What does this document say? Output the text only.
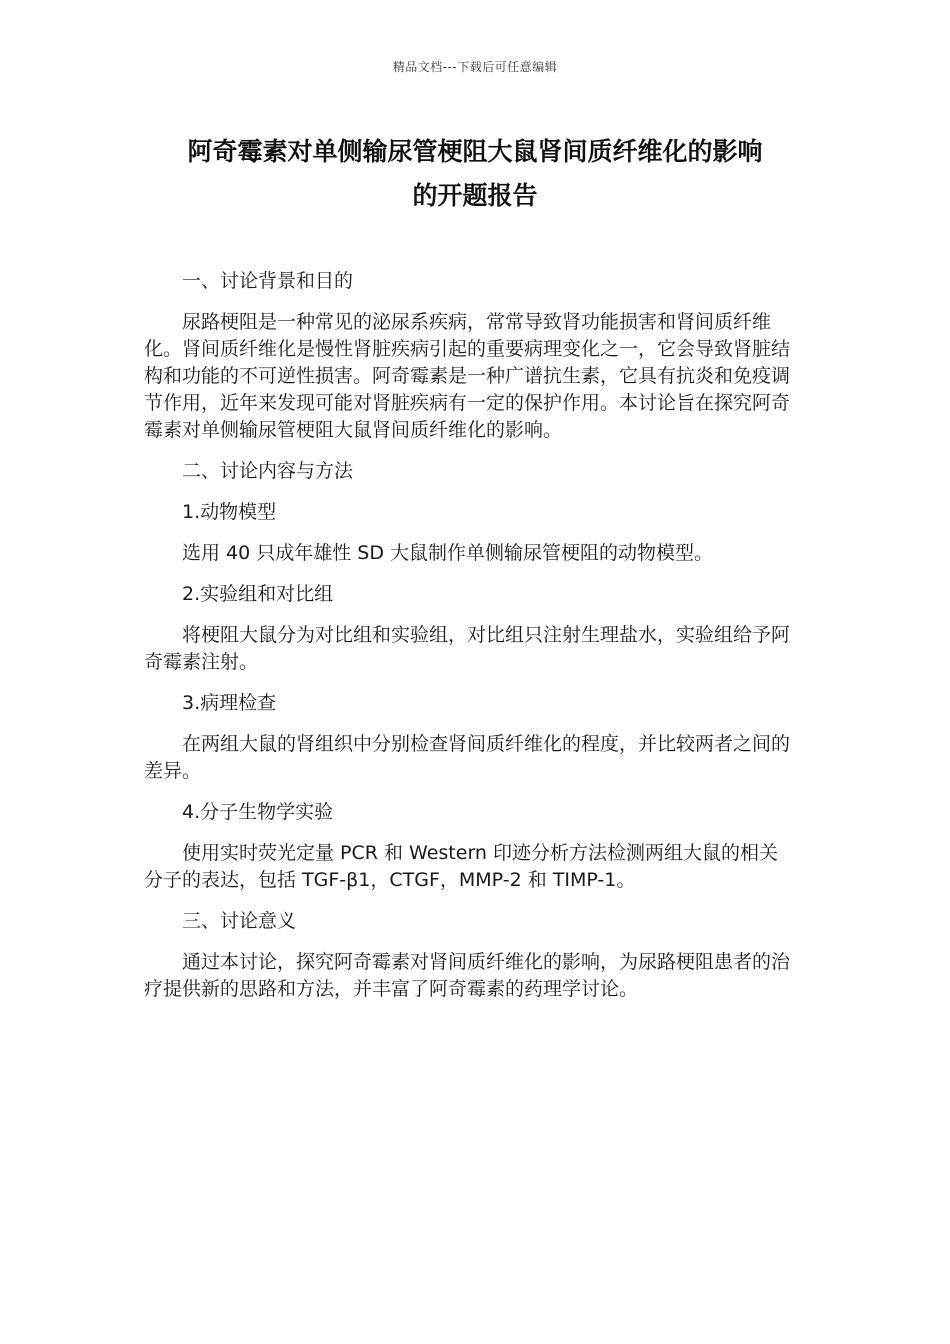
精品文档---下载后可任意编辑
阿奇霉素对单侧输尿管梗阻大鼠肾间质纤维化的影响
的开题报告

一、讨论背景和目的

尿路梗阻是一种常见的泌尿系疾病，常常导致肾功能损害和肾间质纤维化。肾间质纤维化是慢性肾脏疾病引起的重要病理变化之一，它会导致肾脏结构和功能的不可逆性损害。阿奇霉素是一种广谱抗生素，它具有抗炎和免疫调节作用，近年来发现可能对肾脏疾病有一定的保护作用。本讨论旨在探究阿奇霉素对单侧输尿管梗阻大鼠肾间质纤维化的影响。

二、讨论内容与方法

1.动物模型

选用 40 只成年雄性 SD 大鼠制作单侧输尿管梗阻的动物模型。

2.实验组和对比组

将梗阻大鼠分为对比组和实验组，对比组只注射生理盐水，实验组给予阿奇霉素注射。

3.病理检查

在两组大鼠的肾组织中分别检查肾间质纤维化的程度，并比较两者之间的差异。

4.分子生物学实验

使用实时荧光定量 PCR 和 Western 印迹分析方法检测两组大鼠的相关分子的表达，包括 TGF-β1，CTGF，MMP-2 和 TIMP-1。

三、讨论意义

通过本讨论，探究阿奇霉素对肾间质纤维化的影响，为尿路梗阻患者的治疗提供新的思路和方法，并丰富了阿奇霉素的药理学讨论。
